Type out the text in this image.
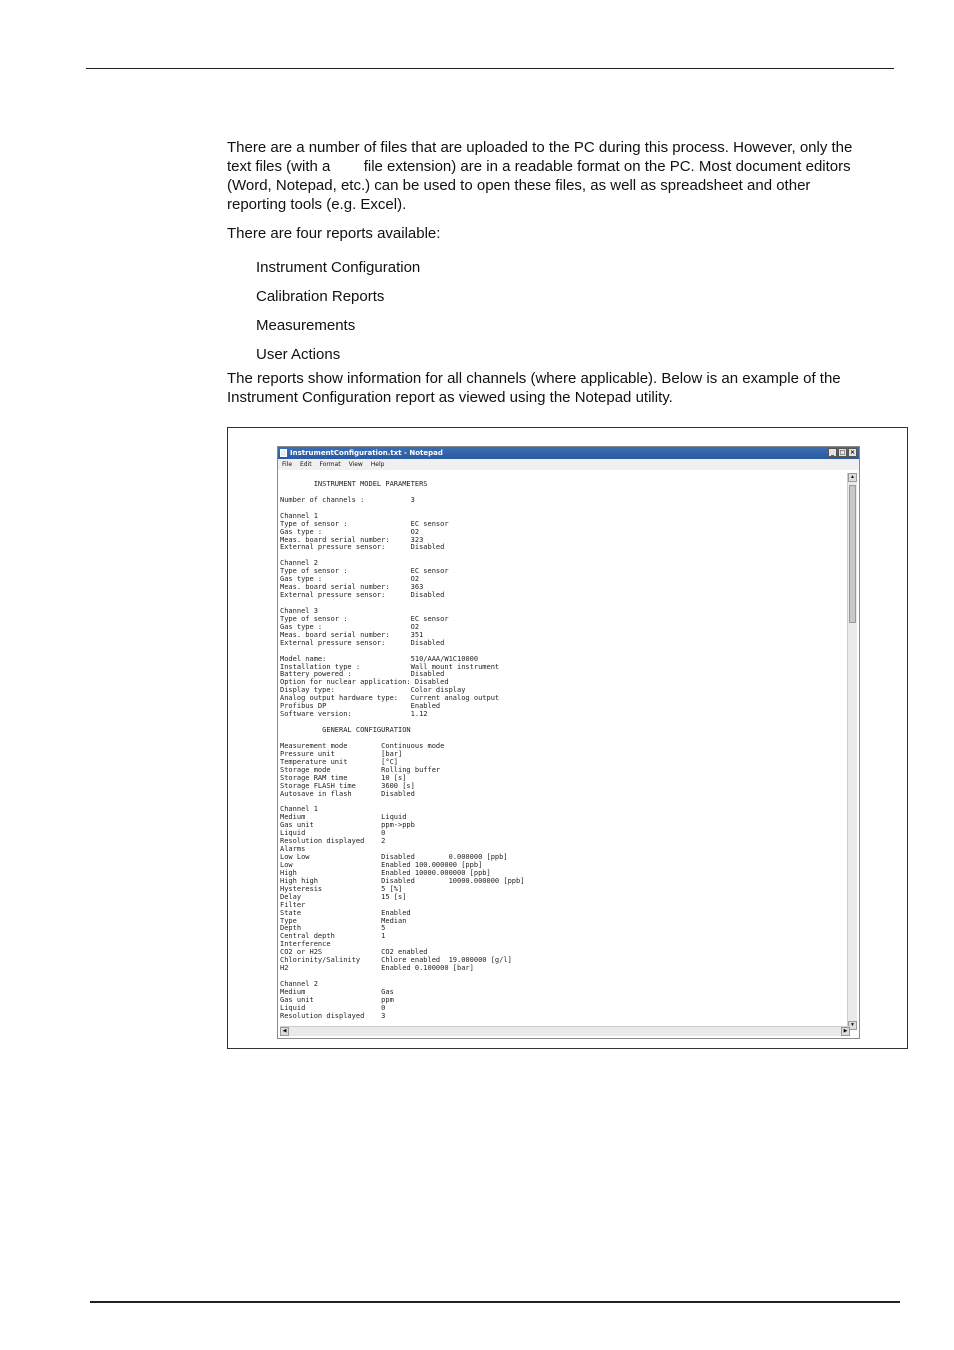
There are a number of files that are uploaded to the PC during this process. However, only the
text files (with a        file extension) are in a readable format on the PC. Most document editors
(Word, Notepad, etc.) can be used to open these files, as well as spreadsheet and other
reporting tools (e.g. Excel).

There are four reports available:

Instrument Configuration
Calibration Reports
Measurements
User Actions

The reports show information for all channels (where applicable). Below is an example of the
Instrument Configuration report as viewed using the Notepad utility.

InstrumentConfiguration.txt - Notepad	_ □ ×
File Edit Format View Help

INSTRUMENT MODEL PARAMETERS

Number of channels :           3

Channel 1
Type of sensor :               EC sensor
Gas type :                     O2
Meas. board serial number:     323
External pressure sensor:      Disabled

Channel 2
Type of sensor :               EC sensor
Gas type :                     O2
Meas. board serial number:     363
External pressure sensor:      Disabled

Channel 3
Type of sensor :               EC sensor
Gas type :                     O2
Meas. board serial number:     351
External pressure sensor:      Disabled

Model name:                    510/AAA/W1C10000
Installation type :            Wall mount instrument
Battery powered :              Disabled
Option for nuclear application: Disabled
Display type:                  Color display
Analog output hardware type:   Current analog output
Profibus DP                    Enabled
Software version:              1.12

GENERAL CONFIGURATION

Measurement mode        Continuous mode
Pressure unit           [bar]
Temperature unit        [°C]
Storage mode            Rolling buffer
Storage RAM time        10 [s]
Storage FLASH time      3600 [s]
Autosave in flash       Disabled

Channel 1
Medium                  Liquid
Gas unit                ppm->ppb
Liquid                  0
Resolution displayed    2
Alarms
Low Low                 Disabled        0.000000 [ppb]
Low                     Enabled 100.000000 [ppb]
High                    Enabled 10000.000000 [ppb]
High high               Disabled        10000.000000 [ppb]
Hysteresis              5 [%]
Delay                   15 [s]
Filter
State                   Enabled
Type                    Median
Depth                   5
Central depth           1
Interference
CO2 or H2S              CO2 enabled
Chlorinity/Salinity     Chlore enabled  19.000000 [g/l]
H2                      Enabled 0.100000 [bar]

Channel 2
Medium                  Gas
Gas unit                ppm
Liquid                  0
Resolution displayed    3
▲
▼
◀	▶
